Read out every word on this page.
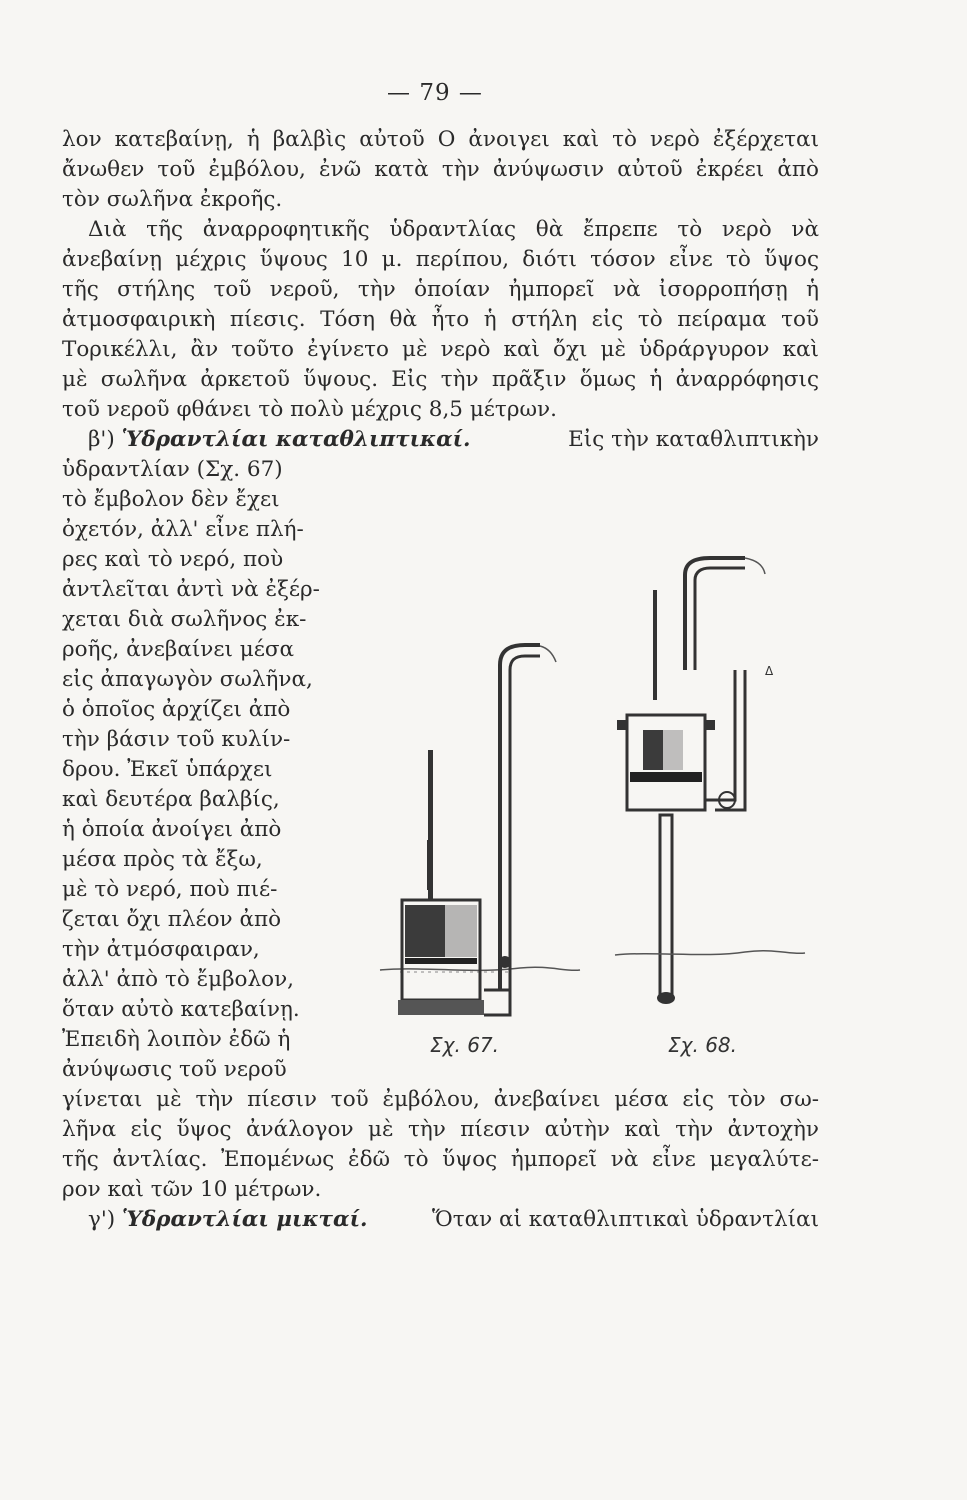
— 79 —
λον κατεβαίνῃ, ἡ βαλβὶς αὐτοῦ Ο ἀνοιγει καὶ τὸ νερὸ ἐξέρχεται
ἄνωθεν τοῦ ἐμβόλου, ἐνῶ κατὰ τὴν ἀνύψωσιν αὐτοῦ ἐκρέει ἀπὸ
τὸν σωλῆνα ἐκροῆς.
Διὰ τῆς ἀναρροφητικῆς ὑδραντλίας θὰ ἔπρεπε τὸ νερὸ νὰ
ἀνεβαίνῃ μέχρις ὕψους 10 μ. περίπου, διότι τόσον εἶνε τὸ ὕψος
τῆς στήλης τοῦ νεροῦ, τὴν ὁποίαν ἠμπορεῖ νὰ ἰσορροπήσῃ ἡ
ἀτμοσφαιρικὴ πίεσις. Τόση θὰ ἦτο ἡ στήλη εἰς τὸ πείραμα τοῦ
Τορικέλλι, ἂν τοῦτο ἐγίνετο μὲ νερὸ καὶ ὄχι μὲ ὑδράργυρον καὶ
μὲ σωλῆνα ἀρκετοῦ ὕψους. Εἰς τὴν πρᾶξιν ὅμως ἡ ἀναρρόφησις
τοῦ νεροῦ φθάνει τὸ πολὺ μέχρις 8,5 μέτρων.
β') Ὑδραντλίαι καταθλιπτικαί.	Εἰς τὴν καταθλιπτικὴν
ὑδραντλίαν (Σχ. 67)
τὸ ἔμβολον δὲν ἔχει
ὀχετόν, ἀλλ' εἶνε πλή-
ρες καὶ τὸ νερό, ποὺ
ἀντλεῖται ἀντὶ νὰ ἐξέρ-
χεται διὰ σωλῆνος ἐκ-
ροῆς, ἀνεβαίνει μέσα
εἰς ἀπαγωγὸν σωλῆνα,
ὁ ὁποῖος ἀρχίζει ἀπὸ
τὴν βάσιν τοῦ κυλίν-
δρου. Ἐκεῖ ὑπάρχει
καὶ δευτέρα βαλβίς,
ἡ ὁποία ἀνοίγει ἀπὸ
μέσα πρὸς τὰ ἔξω,
μὲ τὸ νερό, ποὺ πιέ-
ζεται ὄχι πλέον ἀπὸ
τὴν ἀτμόσφαιραν,
ἀλλ' ἀπὸ τὸ ἔμβολον,
ὅταν αὐτὸ κατεβαίνῃ.
Ἐπειδὴ λοιπὸν ἐδῶ ἡ
ἀνύψωσις τοῦ νεροῦ
γίνεται μὲ τὴν πίεσιν τοῦ ἐμβόλου, ἀνεβαίνει μέσα εἰς τὸν σω-
λῆνα εἰς ὕψος ἀνάλογον μὲ τὴν πίεσιν αὐτὴν καὶ τὴν ἀντοχὴν
τῆς ἀντλίας. Ἐπομένως ἐδῶ τὸ ὕψος ἠμπορεῖ νὰ εἶνε μεγαλύτε-
ρον καὶ τῶν 10 μέτρων.
γ') Ὑδραντλίαι μικταί.	Ὅταν αἱ καταθλιπτικαὶ ὑδραντλίαι
Δ
Σχ. 67.	Σχ. 68.
